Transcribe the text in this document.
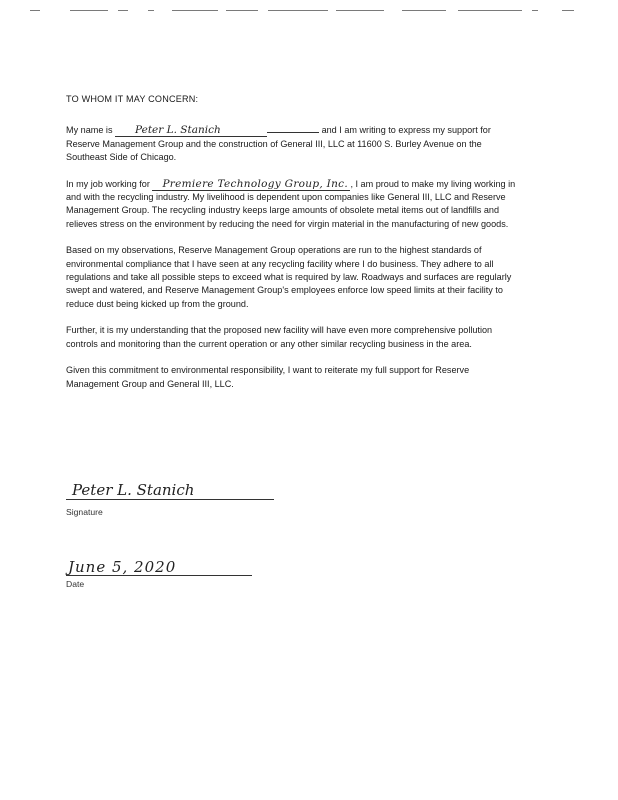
TO WHOM IT MAY CONCERN:

My name is Peter L. Stanich	and I am writing to express my support for Reserve Management Group and the construction of General III, LLC at 11600 S. Burley Avenue on the Southeast Side of Chicago.

In my job working for Premiere Technology Group, Inc. , I am proud to make my living working in and with the recycling industry. My livelihood is dependent upon companies like General III, LLC and Reserve Management Group. The recycling industry keeps large amounts of obsolete metal items out of landfills and relieves stress on the environment by reducing the need for virgin material in the manufacturing of new goods.

Based on my observations, Reserve Management Group operations are run to the highest standards of environmental compliance that I have seen at any recycling facility where I do business. They adhere to all regulations and take all possible steps to exceed what is required by law. Roadways and surfaces are regularly swept and watered, and Reserve Management Group's employees enforce low speed limits at their facility to reduce dust being kicked up from the ground.

Further, it is my understanding that the proposed new facility will have even more comprehensive pollution controls and monitoring than the current operation or any other similar recycling business in the area.

Given this commitment to environmental responsibility, I want to reiterate my full support for Reserve Management Group and General III, LLC.

Peter L. Stanich
Signature
June 5, 2020
Date
